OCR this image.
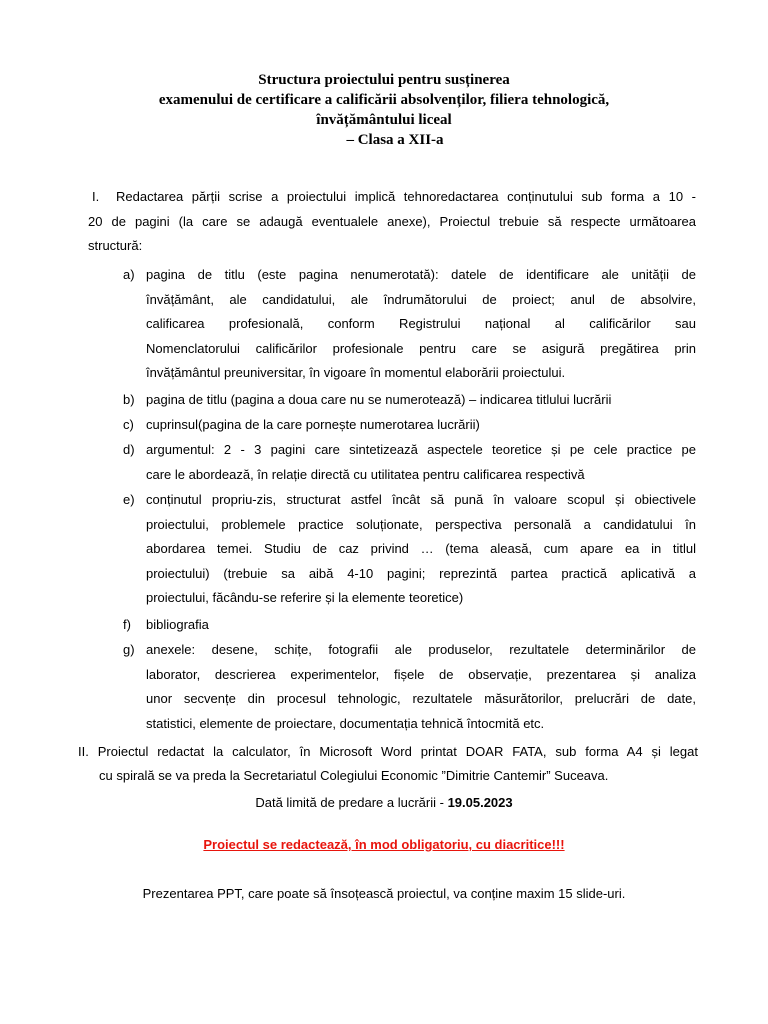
Structura proiectului pentru susținerea
examenului de certificare a calificării absolvenților, filiera tehnologică,
învățământului liceal
– Clasa a XII-a
I.	Redactarea părții scrise a proiectului implică tehnoredactarea conținutului sub forma a 10 -
20 de pagini (la care se adaugă eventualele anexe), Proiectul trebuie să respecte următoarea
structură:
a) pagina de titlu (este pagina nenumerotată): datele de identificare ale unității de
învățământ, ale candidatului, ale îndrumătorului de proiect; anul de absolvire,
calificarea profesională, conform Registrului național al calificărilor sau
Nomenclatorului calificărilor profesionale pentru care se asigură pregătirea prin
învățământul preuniversitar, în vigoare în momentul elaborării proiectului.
b) pagina de titlu (pagina a doua care nu se numerotează) – indicarea titlului lucrării
c) cuprinsul(pagina de la care pornește numerotarea lucrării)
d) argumentul: 2 - 3 pagini care sintetizează aspectele teoretice și pe cele practice pe
care le abordează, în relație directă cu utilitatea pentru calificarea respectivă
e) conținutul propriu-zis, structurat astfel încât să pună în valoare scopul și obiectivele
proiectului, problemele practice soluționate, perspectiva personală a candidatului în
abordarea temei. Studiu de caz privind … (tema aleasă, cum apare ea in titlul
proiectului) (trebuie sa aibă 4-10 pagini; reprezintă partea practică aplicativă a
proiectului, făcându-se referire și la elemente teoretice)
f) bibliografia
g) anexele: desene, schițe, fotografii ale produselor, rezultatele determinărilor de
laborator, descrierea experimentelor, fișele de observație, prezentarea și analiza
unor secvențe din procesul tehnologic, rezultatele măsurătorilor, prelucrări de date,
statistici, elemente de proiectare, documentația tehnică întocmită etc.
II. Proiectul redactat la calculator, în Microsoft Word printat DOAR FATA, sub forma A4 și legat
cu spirală se va preda la Secretariatul Colegiului Economic ”Dimitrie Cantemir” Suceava.
Dată limită de predare a lucrării - 19.05.2023
Proiectul se redactează, în mod obligatoriu, cu diacritice!!!
Prezentarea PPT, care poate să însoțească proiectul, va conține maxim 15 slide-uri.
